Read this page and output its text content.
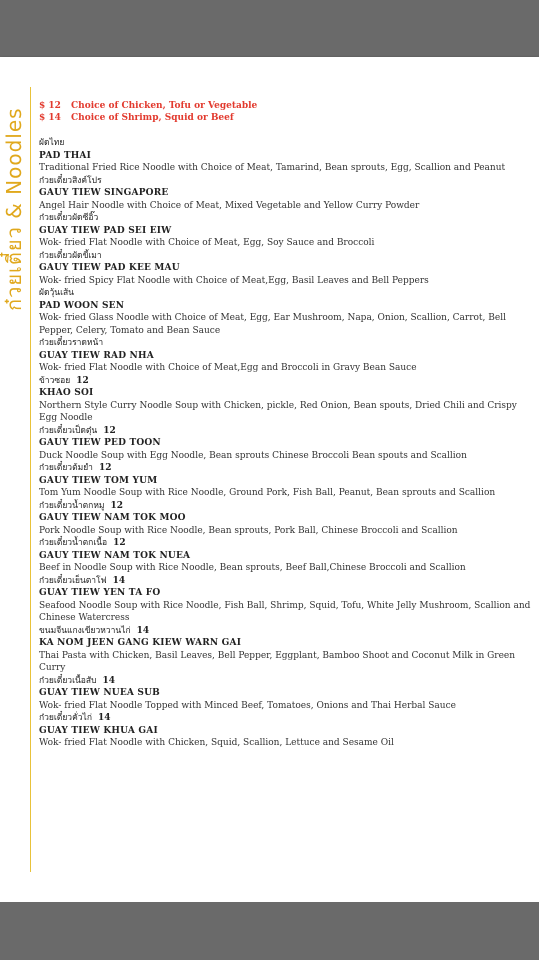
ก๋วยเตี๋ยว & Noodles
$ 12 Choice of Chicken, Tofu or Vegetable
$ 14 Choice of Shrimp, Squid or Beef
ผัดไทย
PAD THAI
Traditional Fried Rice Noodle with Choice of Meat, Tamarind, Bean sprouts, Egg, Scallion and Peanut
ก๋วยเตี๋ยวสิงค์โปร
GAUY TIEW SINGAPORE
Angel Hair Noodle with Choice of Meat, Mixed Vegetable and Yellow Curry Powder
ก๋วยเตี๋ยวผัดซีอิ๊ว
GUAY TIEW PAD SEI EIW
Wok- fried Flat Noodle with Choice of Meat, Egg, Soy Sauce and Broccoli
ก๋วยเตี๋ยวผัดขี้เมา
GAUY TIEW PAD KEE MAU
Wok- fried Spicy Flat Noodle with Choice of Meat,Egg, Basil Leaves and Bell Peppers
ผัดวุ้นเส้น
PAD WOON SEN
Wok- fried Glass Noodle with Choice of Meat, Egg, Ear Mushroom, Napa, Onion, Scallion, Carrot, Bell Pepper, Celery, Tomato and Bean Sauce
ก๋วยเตี๋ยวราดหน้า
GUAY TIEW RAD NHA
Wok- fried Flat Noodle with Choice of Meat,Egg and Broccoli in Gravy Bean Sauce
ข้าวซอย 12
KHAO SOI
Northern Style Curry Noodle Soup with Chicken, pickle, Red Onion, Bean spouts, Dried Chili and Crispy Egg Noodle
ก๋วยเตี๋ยวเป็ดตุ๋น 12
GAUY TIEW PED TOON
Duck Noodle Soup with Egg Noodle, Bean sprouts Chinese Broccoli Bean spouts and Scallion
ก๋วยเตี๋ยวต้มยำ 12
GAUY TIEW TOM YUM
Tom Yum Noodle Soup with Rice Noodle, Ground Pork, Fish Ball, Peanut, Bean sprouts and Scallion
ก๋วยเตี๋ยวน้ำตกหมู 12
GAUY TIEW NAM TOK MOO
Pork Noodle Soup with Rice Noodle, Bean sprouts, Pork Ball, Chinese Broccoli and Scallion
ก๋วยเตี๋ยวน้ำตกเนื้อ 12
GAUY TIEW NAM TOK NUEA
Beef in Noodle Soup with Rice Noodle, Bean sprouts, Beef Ball,Chinese Broccoli and Scallion
ก๋วยเตี๋ยวเย็นตาโฟ 14
GUAY TIEW YEN TA FO
Seafood Noodle Soup with Rice Noodle, Fish Ball, Shrimp, Squid, Tofu, White Jelly Mushroom, Scallion and Chinese Watercress
ขนมจีนแกงเขียวหวานไก่ 14
KA NOM JEEN GANG KIEW WARN GAI
Thai Pasta with Chicken, Basil Leaves, Bell Pepper, Eggplant, Bamboo Shoot and Coconut Milk in Green Curry
ก๋วยเตี๋ยวเนื้อสับ 14
GUAY TIEW NUEA SUB
Wok- fried Flat Noodle Topped with Minced Beef, Tomatoes, Onions and Thai Herbal Sauce
ก๋วยเตี๋ยวคั่วไก่ 14
GUAY TIEW KHUA GAI
Wok- fried Flat Noodle with Chicken, Squid, Scallion, Lettuce and Sesame Oil
